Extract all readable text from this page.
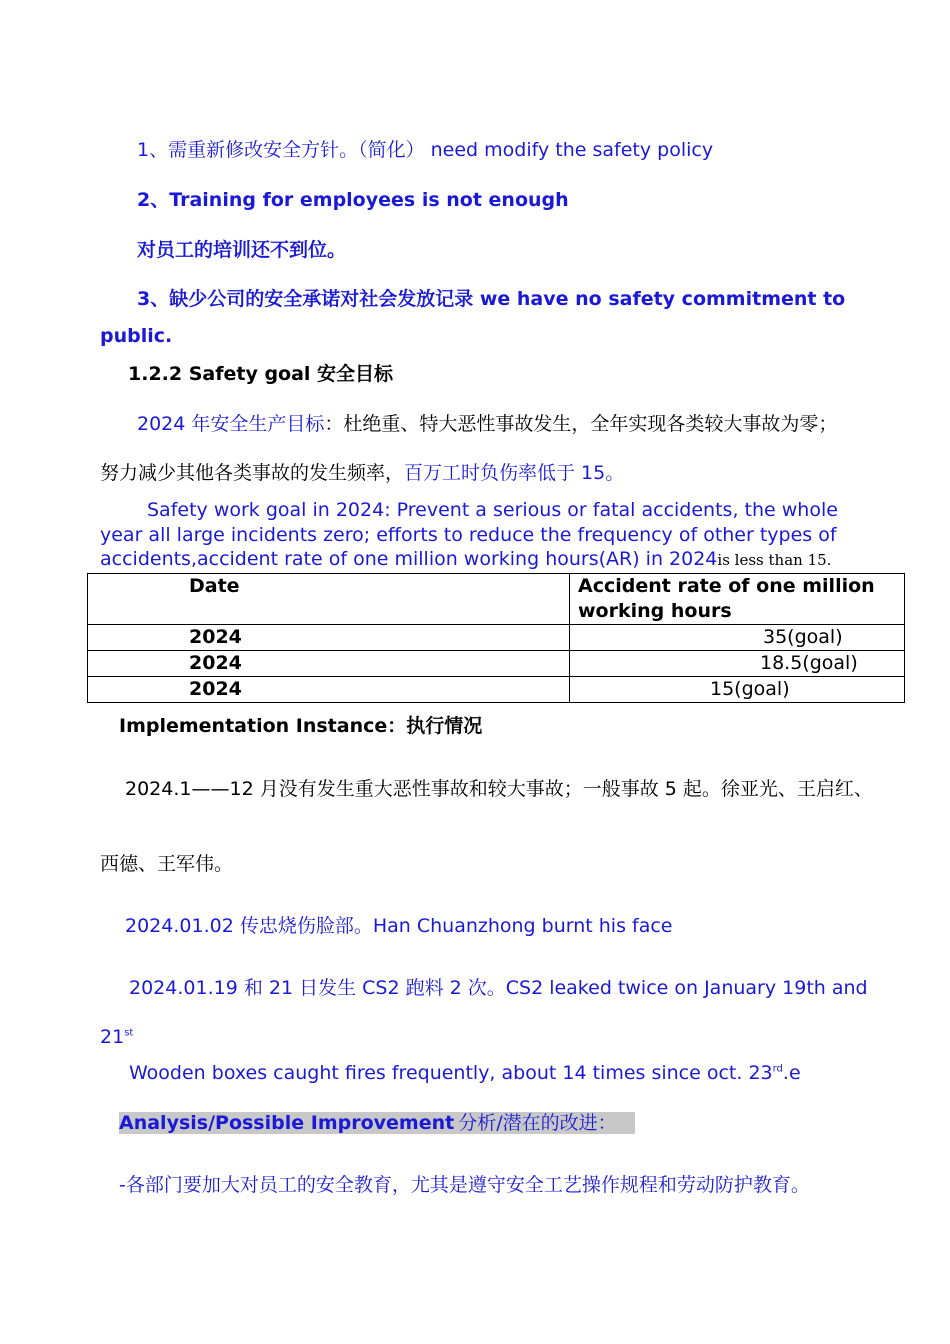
1、需重新修改安全方针。（简化） need modify the safety policy
2、Training for employees is not enough
对员工的培训还不到位。
3、缺少公司的安全承诺对社会发放记录 we have no safety commitment to
public.
1.2.2 Safety goal 安全目标
2024 年安全生产目标：杜绝重、特大恶性事故发生，全年实现各类较大事故为零；
努力减少其他各类事故的发生频率，百万工时负伤率低于 15。
Safety work goal in 2024: Prevent a serious or fatal accidents, the whole
year all large incidents zero; efforts to reduce the frequency of other types of
accidents,accident rate of one million working hours(AR) in 2024is less than 15.
Date	Accident rate of one million working hours
2024	35(goal)
2024	18.5(goal)
2024	15(goal)
Implementation Instance：执行情况
2024.1——12 月没有发生重大恶性事故和较大事故；一般事故 5 起。徐亚光、王启红、
西德、王军伟。
2024.01.02 传忠烧伤脸部。Han Chuanzhong burnt his face
2024.01.19 和 21 日发生 CS2 跑料 2 次。CS2 leaked twice on January 19th and
21st
Wooden boxes caught fires frequently, about 14 times since oct. 23rd.e
Analysis/Possible Improvement 分析/潜在的改进：
-各部门要加大对员工的安全教育，尤其是遵守安全工艺操作规程和劳动防护教育。
